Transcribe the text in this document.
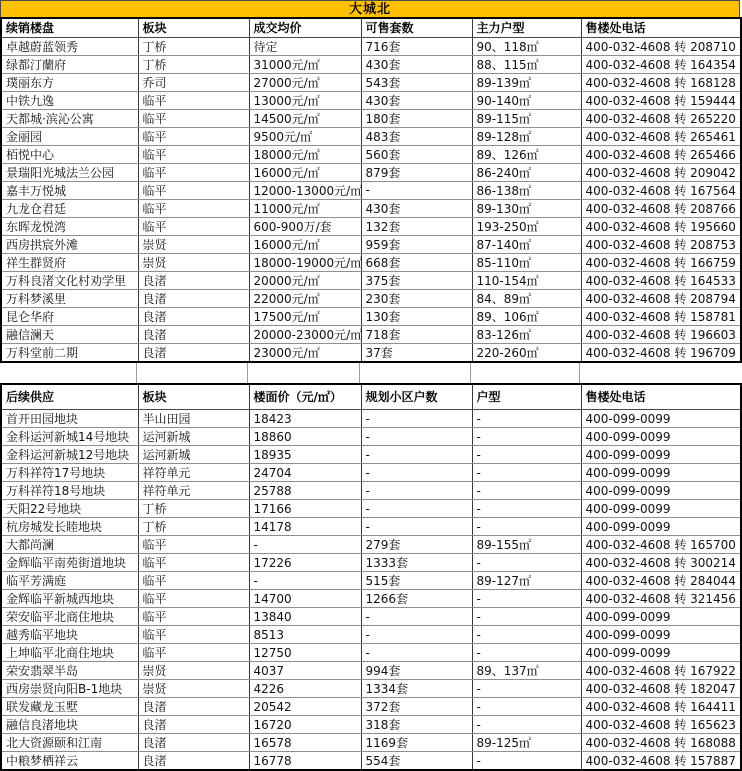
大城北
续销楼盘	板块	成交均价	可售套数	主力户型	售楼处电话
卓越蔚蓝领秀	丁桥	待定	716套	90、118㎡	400-032-4608 转 208710
绿都汀蘭府	丁桥	31000元/㎡	430套	88、115㎡	400-032-4608 转 164354
璞丽东方	乔司	27000元/㎡	543套	89-139㎡	400-032-4608 转 168128
中铁九逸	临平	13000元/㎡	430套	90-140㎡	400-032-4608 转 159444
天都城·滨沁公寓	临平	14500元/㎡	180套	89-115㎡	400-032-4608 转 265220
金丽园	临平	9500元/㎡	483套	89-128㎡	400-032-4608 转 265461
栢悦中心	临平	18000元/㎡	560套	89、126㎡	400-032-4608 转 265466
景瑞阳光城法兰公园	临平	16000元/㎡	879套	86-240㎡	400-032-4608 转 209042
嘉丰万悦城	临平	12000-13000元/㎡	-	86-138㎡	400-032-4608 转 167564
九龙仓君廷	临平	11000元/㎡	430套	89-130㎡	400-032-4608 转 208766
东晖龙悦湾	临平	600-900万/套	132套	193-250㎡	400-032-4608 转 195660
西房拱宸外滩	崇贤	16000元/㎡	959套	87-140㎡	400-032-4608 转 208753
祥生群贤府	崇贤	18000-19000元/㎡	668套	85-110㎡	400-032-4608 转 166759
万科良渚文化村劝学里	良渚	20000元/㎡	375套	110-154㎡	400-032-4608 转 164533
万科梦溪里	良渚	22000元/㎡	230套	84、89㎡	400-032-4608 转 208794
昆仑华府	良渚	17500元/㎡	130套	89、106㎡	400-032-4608 转 158781
融信澜天	良渚	20000-23000元/㎡	718套	83-126㎡	400-032-4608 转 196603
万科堂前二期	良渚	23000元/㎡	37套	220-260㎡	400-032-4608 转 196709
后续供应	板块	楼面价（元/㎡）	规划小区户数	户型	售楼处电话
首开田园地块	半山田园	18423	-	-	400-099-0099
金科运河新城14号地块	运河新城	18860	-	-	400-099-0099
金科运河新城12号地块	运河新城	18935	-	-	400-099-0099
万科祥符17号地块	祥符单元	24704	-	-	400-099-0099
万科祥符18号地块	祥符单元	25788	-	-	400-099-0099
天阳22号地块	丁桥	17166	-	-	400-099-0099
杭房城发长睦地块	丁桥	14178	-	-	400-099-0099
大都尚澜	临平	-	279套	89-155㎡	400-032-4608 转 165700
金辉临平南苑街道地块	临平	17226	1333套	-	400-032-4608 转 300214
临平芳满庭	临平	-	515套	89-127㎡	400-032-4608 转 284044
金辉临平新城西地块	临平	14700	1266套	-	400-032-4608 转 321456
荣安临平北商住地块	临平	13840	-	-	400-099-0099
越秀临平地块	临平	8513	-	-	400-099-0099
上坤临平北商住地块	临平	12750	-	-	400-099-0099
荣安翡翠半岛	崇贤	4037	994套	89、137㎡	400-032-4608 转 167922
西房崇贤向阳B-1地块	崇贤	4226	1334套	-	400-032-4608 转 182047
联发藏龙玉墅	良渚	20542	372套	-	400-032-4608 转 164411
融信良渚地块	良渚	16720	318套	-	400-032-4608 转 165623
北大资源颐和江南	良渚	16578	1169套	89-125㎡	400-032-4608 转 168088
中粮梦栖祥云	良渚	16778	554套	-	400-032-4608 转 157887
